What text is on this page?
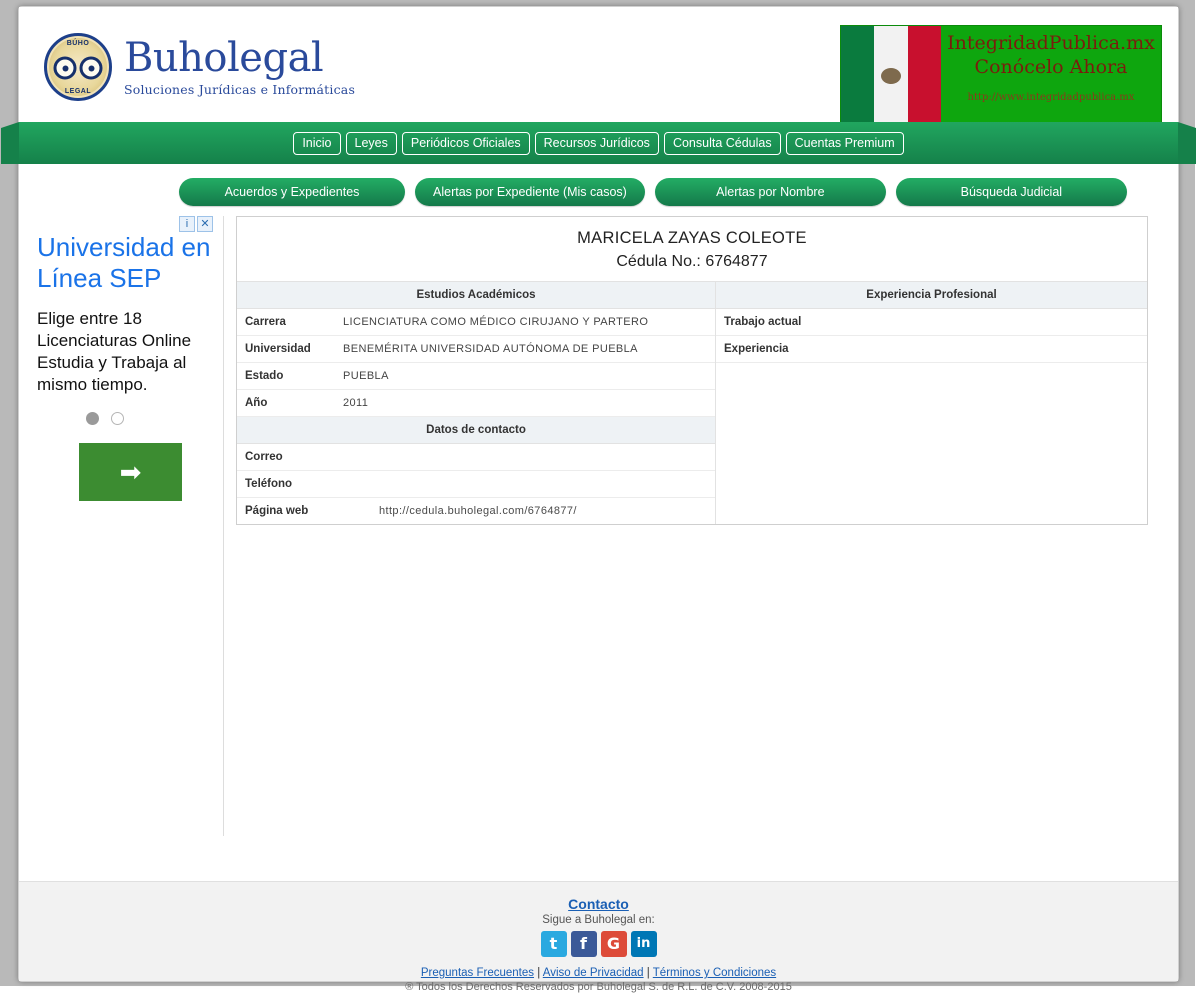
BÚHO
LEGAL
Buholegal
Soluciones Jurídicas e Informáticas
IntegridadPublica.mx
Conócelo Ahora
http://www.integridadpublica.mx
Inicio	Leyes	Periódicos Oficiales	Recursos Jurídicos	Consulta Cédulas	Cuentas Premium
Acuerdos y Expedientes	Alertas por Expediente (Mis casos)	Alertas por Nombre	Búsqueda Judicial
i	✕
Universidad en Línea SEP
Elige entre 18 Licenciaturas Online Estudia y Trabaja al mismo tiempo.
➡
MARICELA ZAYAS COLEOTE
Cédula No.: 6764877
Estudios Académicos
Carrera	LICENCIATURA COMO MÉDICO CIRUJANO Y PARTERO
Universidad	BENEMÉRITA UNIVERSIDAD AUTÓNOMA DE PUEBLA
Estado	PUEBLA
Año	2011
Datos de contacto
Correo
Teléfono
Página web	http://cedula.buholegal.com/6764877/
Experiencia Profesional
Trabajo actual
Experiencia
Contacto
Sigue a Buholegal en:
t	f	G	in
Preguntas Frecuentes | Aviso de Privacidad | Términos y Condiciones
® Todos los Derechos Reservados por Buholegal S. de R.L. de C.V. 2008-2015
